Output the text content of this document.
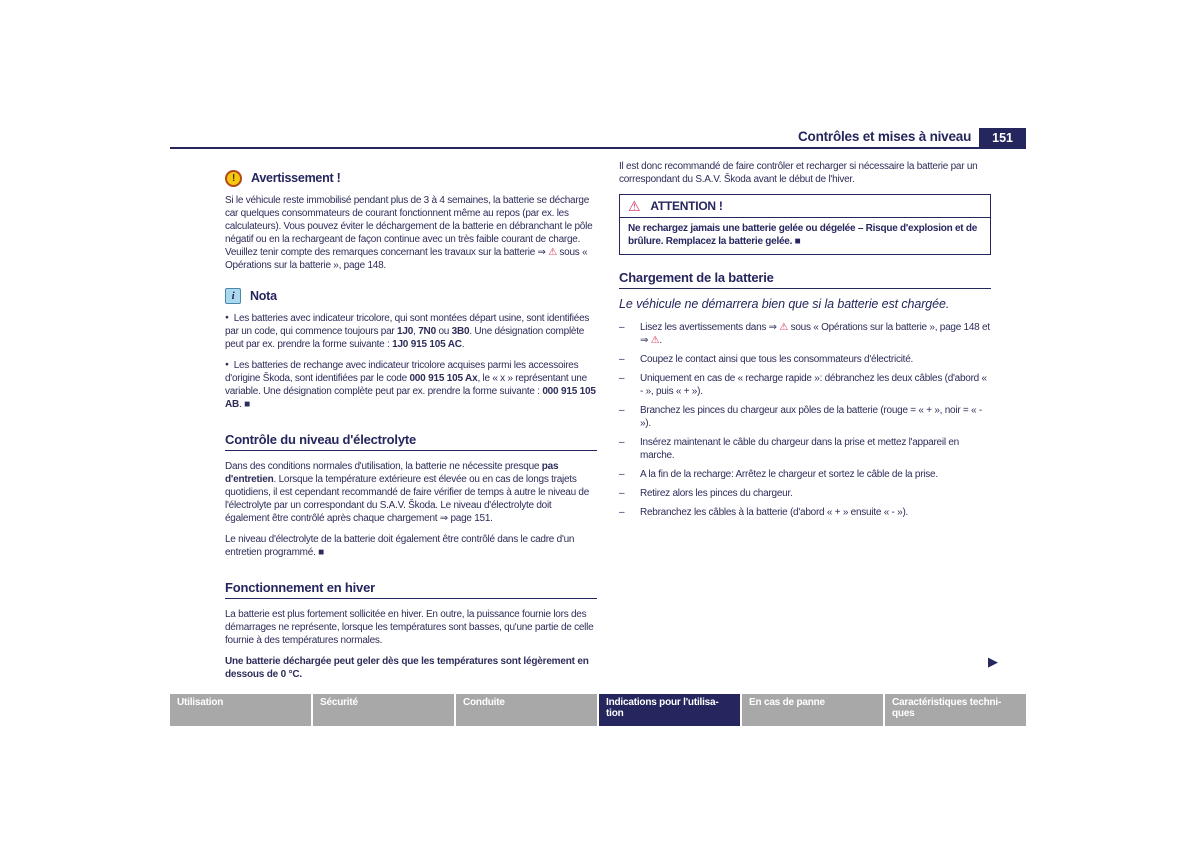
Contrôles et mises à niveau	151
!	Avertissement !

Si le véhicule reste immobilisé pendant plus de 3 à 4 semaines, la batterie se décharge car quelques consommateurs de courant fonctionnent même au repos (par ex. les calculateurs). Vous pouvez éviter le déchargement de la batterie en débranchant le pôle négatif ou en la rechargeant de façon continue avec un très faible courant de charge. Veuillez tenir compte des remarques concernant les travaux sur la batterie ⇒ ⚠ sous « Opérations sur la batterie », page 148.

i	Nota
● Les batteries avec indicateur tricolore, qui sont montées départ usine, sont identifiées par un code, qui commence toujours par 1J0, 7N0 ou 3B0. Une désignation complète peut par ex. prendre la forme suivante : 1J0 915 105 AC.
● Les batteries de rechange avec indicateur tricolore acquises parmi les accessoires d'origine Škoda, sont identifiées par le code 000 915 105 Ax, le « x » représentant une variable. Une désignation complète peut par ex. prendre la forme suivante : 000 915 105 AB. ■
Contrôle du niveau d'électrolyte

Dans des conditions normales d'utilisation, la batterie ne nécessite presque pas d'entretien. Lorsque la température extérieure est élevée ou en cas de longs trajets quotidiens, il est cependant recommandé de faire vérifier de temps à autre le niveau de l'électrolyte par un correspondant du S.A.V. Škoda. Le niveau d'électrolyte doit également être contrôlé après chaque chargement ⇒ page 151.

Le niveau d'électrolyte de la batterie doit également être contrôlé dans le cadre d'un entretien programmé. ■

Fonctionnement en hiver

La batterie est plus fortement sollicitée en hiver. En outre, la puissance fournie lors des démarrages ne représente, lorsque les températures sont basses, qu'une partie de celle fournie à des températures normales.

Une batterie déchargée peut geler dès que les températures sont légèrement en dessous de 0 °C.

Il est donc recommandé de faire contrôler et recharger si nécessaire la batterie par un correspondant du S.A.V. Škoda avant le début de l'hiver.

⚠ ATTENTION !
Ne rechargez jamais une batterie gelée ou dégelée – Risque d'explosion et de brûlure. Remplacez la batterie gelée. ■
Chargement de la batterie
Le véhicule ne démarrera bien que si la batterie est chargée.
–	Lisez les avertissements dans ⇒ ⚠ sous « Opérations sur la batterie », page 148 et ⇒ ⚠.
–	Coupez le contact ainsi que tous les consommateurs d'électricité.
–	Uniquement en cas de « recharge rapide »: débranchez les deux câbles (d'abord « - », puis « + »).
–	Branchez les pinces du chargeur aux pôles de la batterie (rouge = « + », noir = « - »).
–	Insérez maintenant le câble du chargeur dans la prise et mettez l'appareil en marche.
–	A la fin de la recharge: Arrêtez le chargeur et sortez le câble de la prise.
–	Retirez alors les pinces du chargeur.
–	Rebranchez les câbles à la batterie (d'abord « + » ensuite « - »).

▶
Utilisation	Sécurité	Conduite	Indications pour l'utilisa-
tion
En cas de panne	Caractéristiques techni-
ques
